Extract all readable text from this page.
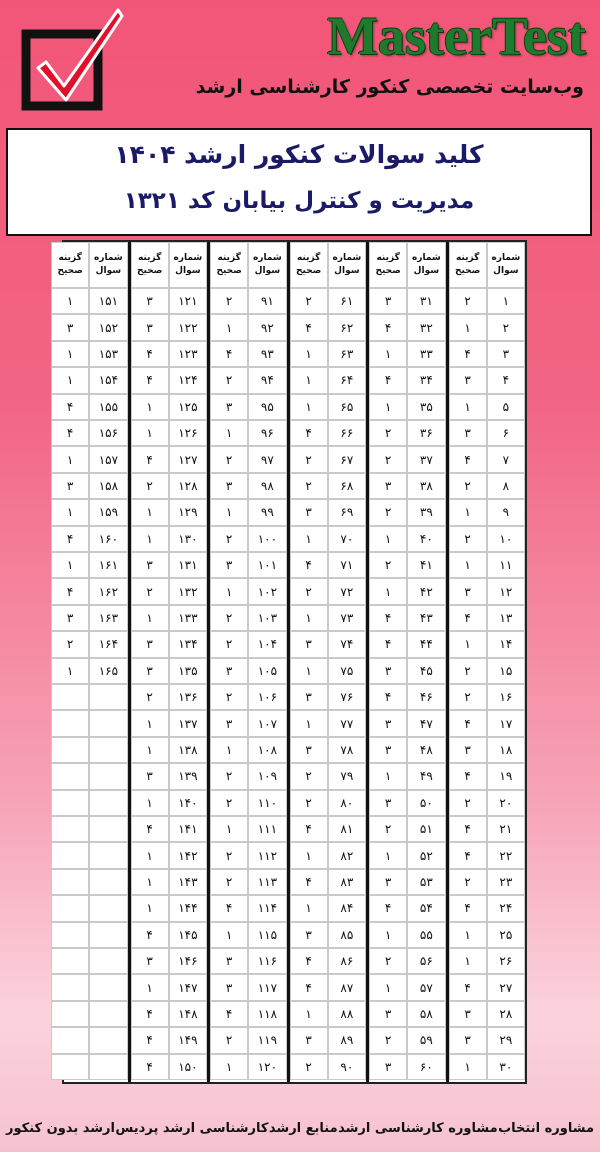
MasterTest
وب‌سایت تخصصی کنکور کارشناسی ارشد
کلید سوالات کنکور ارشد ۱۴۰۴
مدیریت و کنترل بیابان کد ۱۳۲۱
گزینه
صحیح
شماره
سوال
۲	۱
۱	۲
۴	۳
۳	۴
۱	۵
۳	۶
۴	۷
۲	۸
۱	۹
۲	۱۰
۱	۱۱
۳	۱۲
۴	۱۳
۱	۱۴
۲	۱۵
۲	۱۶
۴	۱۷
۳	۱۸
۴	۱۹
۲	۲۰
۴	۲۱
۴	۲۲
۲	۲۳
۴	۲۴
۱	۲۵
۱	۲۶
۴	۲۷
۳	۲۸
۳	۲۹
۱	۳۰
گزینه
صحیح
شماره
سوال
۳	۳۱
۴	۳۲
۱	۳۳
۴	۳۴
۱	۳۵
۲	۳۶
۲	۳۷
۳	۳۸
۲	۳۹
۱	۴۰
۲	۴۱
۱	۴۲
۴	۴۳
۴	۴۴
۳	۴۵
۴	۴۶
۳	۴۷
۳	۴۸
۱	۴۹
۳	۵۰
۲	۵۱
۱	۵۲
۳	۵۳
۴	۵۴
۱	۵۵
۲	۵۶
۱	۵۷
۳	۵۸
۲	۵۹
۳	۶۰
گزینه
صحیح
شماره
سوال
۲	۶۱
۴	۶۲
۱	۶۳
۱	۶۴
۱	۶۵
۴	۶۶
۲	۶۷
۲	۶۸
۳	۶۹
۱	۷۰
۴	۷۱
۲	۷۲
۱	۷۳
۳	۷۴
۱	۷۵
۳	۷۶
۱	۷۷
۳	۷۸
۲	۷۹
۲	۸۰
۴	۸۱
۱	۸۲
۴	۸۳
۱	۸۴
۳	۸۵
۴	۸۶
۴	۸۷
۱	۸۸
۳	۸۹
۲	۹۰
گزینه
صحیح
شماره
سوال
۲	۹۱
۱	۹۲
۴	۹۳
۲	۹۴
۳	۹۵
۱	۹۶
۲	۹۷
۳	۹۸
۱	۹۹
۲	۱۰۰
۳	۱۰۱
۱	۱۰۲
۲	۱۰۳
۲	۱۰۴
۳	۱۰۵
۲	۱۰۶
۳	۱۰۷
۱	۱۰۸
۲	۱۰۹
۲	۱۱۰
۱	۱۱۱
۲	۱۱۲
۲	۱۱۳
۴	۱۱۴
۱	۱۱۵
۳	۱۱۶
۳	۱۱۷
۴	۱۱۸
۲	۱۱۹
۱	۱۲۰
گزینه
صحیح
شماره
سوال
۳	۱۲۱
۳	۱۲۲
۴	۱۲۳
۴	۱۲۴
۱	۱۲۵
۱	۱۲۶
۴	۱۲۷
۲	۱۲۸
۱	۱۲۹
۱	۱۳۰
۳	۱۳۱
۲	۱۳۲
۱	۱۳۳
۳	۱۳۴
۳	۱۳۵
۲	۱۳۶
۱	۱۳۷
۱	۱۳۸
۳	۱۳۹
۱	۱۴۰
۴	۱۴۱
۱	۱۴۲
۱	۱۴۳
۱	۱۴۴
۴	۱۴۵
۳	۱۴۶
۱	۱۴۷
۴	۱۴۸
۴	۱۴۹
۴	۱۵۰
گزینه
صحیح
شماره
سوال
۱	۱۵۱
۳	۱۵۲
۱	۱۵۳
۱	۱۵۴
۴	۱۵۵
۴	۱۵۶
۱	۱۵۷
۳	۱۵۸
۱	۱۵۹
۴	۱۶۰
۱	۱۶۱
۴	۱۶۲
۳	۱۶۳
۲	۱۶۴
۱	۱۶۵
ارشد بدون کنکور کارشناسی ارشد پردیس منابع ارشد مشاوره کارشناسی ارشد مشاوره انتخاب
